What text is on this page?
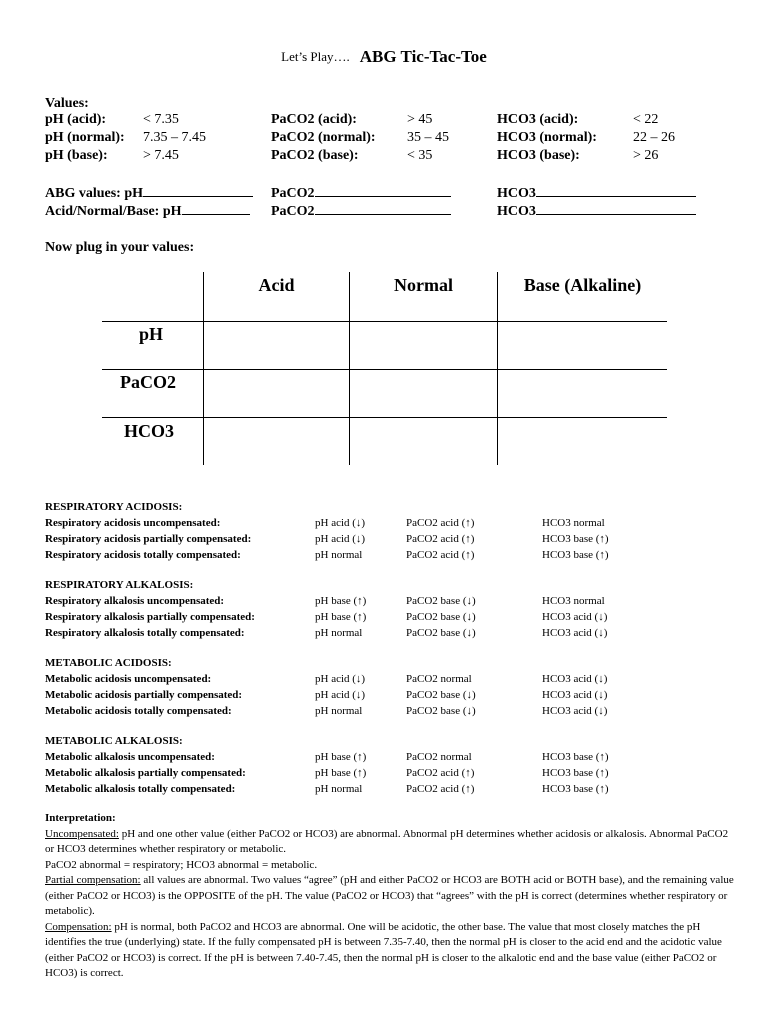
Let’s Play…. ABG Tic-Tac-Toe
Values:
pH (acid):	< 7.35	PaCO2 (acid):	> 45	HCO3 (acid):	< 22
pH (normal): 7.35 – 7.45	PaCO2 (normal): 35 – 45	HCO3 (normal):	22 – 26
pH (base):	> 7.45	PaCO2 (base):	< 35	HCO3 (base):	> 26
ABG values: pH	PaCO2	HCO3
Acid/Normal/Base: pH	PaCO2	HCO3
Now plug in your values:
Acid	Normal	Base (Alkaline)
pH
PaCO2
HCO3
RESPIRATORY ACIDOSIS:
Respiratory acidosis uncompensated:	pH acid (↓)	PaCO2 acid (↑)	HCO3 normal
Respiratory acidosis partially compensated:	pH acid (↓)	PaCO2 acid (↑)	HCO3 base (↑)
Respiratory acidosis totally compensated:	pH normal	PaCO2 acid (↑)	HCO3 base (↑)
RESPIRATORY ALKALOSIS:
Respiratory alkalosis uncompensated:	pH base (↑)	PaCO2 base (↓)	HCO3 normal
Respiratory alkalosis partially compensated:	pH base (↑)	PaCO2 base (↓)	HCO3 acid (↓)
Respiratory alkalosis totally compensated:	pH normal	PaCO2 base (↓)	HCO3 acid (↓)
METABOLIC ACIDOSIS:
Metabolic acidosis uncompensated:	pH acid (↓)	PaCO2 normal	HCO3 acid (↓)
Metabolic acidosis partially compensated:	pH acid (↓)	PaCO2 base (↓)	HCO3 acid (↓)
Metabolic acidosis totally compensated:	pH normal	PaCO2 base (↓)	HCO3 acid (↓)
METABOLIC ALKALOSIS:
Metabolic alkalosis uncompensated:	pH base (↑)	PaCO2 normal	HCO3 base (↑)
Metabolic alkalosis partially compensated:	pH base (↑)	PaCO2 acid (↑)	HCO3 base (↑)
Metabolic alkalosis totally compensated:	pH normal	PaCO2 acid (↑)	HCO3 base (↑)
Interpretation:
Uncompensated: pH and one other value (either PaCO2 or HCO3) are abnormal. Abnormal pH determines whether acidosis or alkalosis. Abnormal PaCO2 or HCO3 determines whether respiratory or metabolic.
PaCO2 abnormal = respiratory; HCO3 abnormal = metabolic.
Partial compensation: all values are abnormal. Two values “agree” (pH and either PaCO2 or HCO3 are BOTH acid or BOTH base), and the remaining value (either PaCO2 or HCO3) is the OPPOSITE of the pH. The value (PaCO2 or HCO3) that “agrees” with the pH is correct (determines whether respiratory or metabolic).
Compensation: pH is normal, both PaCO2 and HCO3 are abnormal. One will be acidotic, the other base. The value that most closely matches the pH identifies the true (underlying) state. If the fully compensated pH is between 7.35-7.40, then the normal pH is closer to the acid end and the acidotic value (either PaCO2 or HCO3) is correct. If the pH is between 7.40-7.45, then the normal pH is closer to the alkalotic end and the base value (either PaCO2 or HCO3) is correct.
